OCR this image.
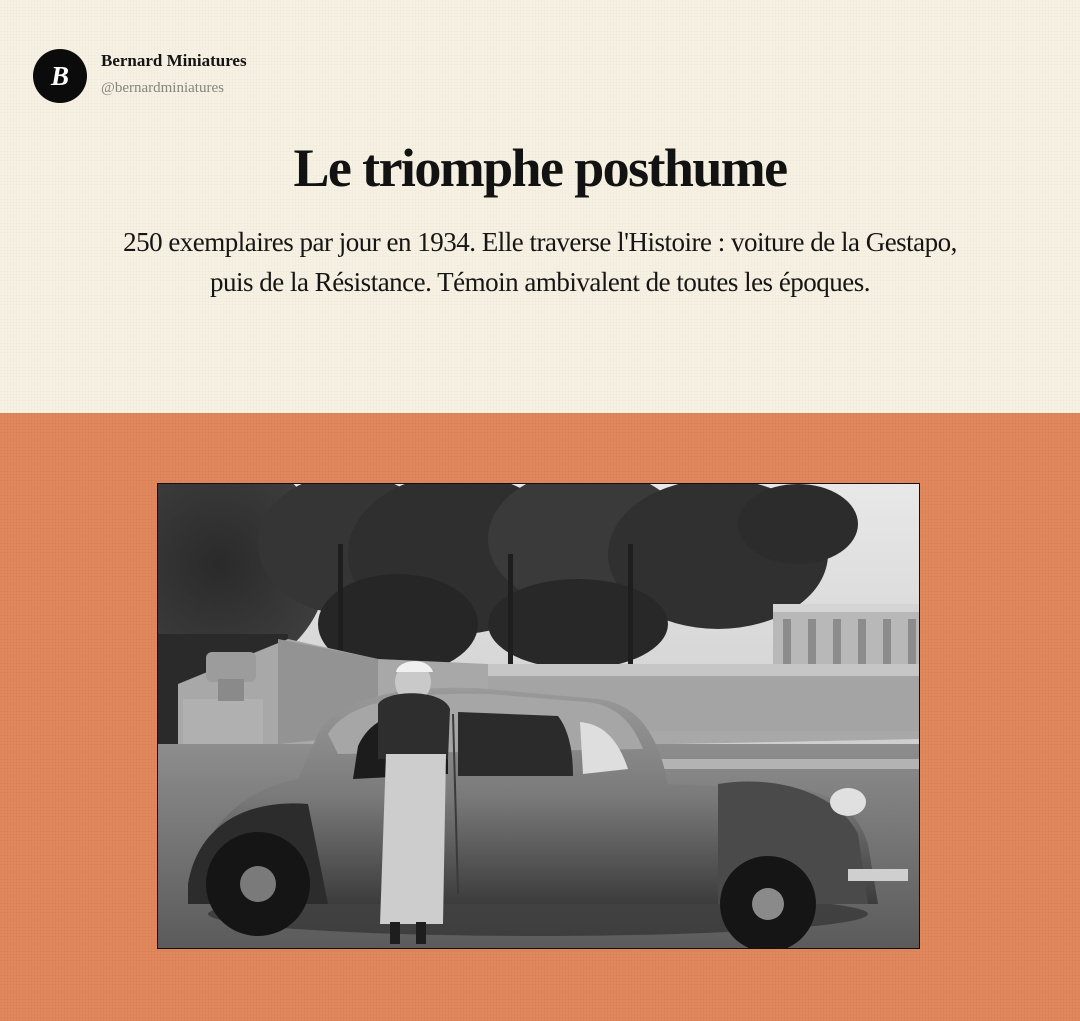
B Bernard Miniatures
@bernardminiatures
Le triomphe posthume
250 exemplaires par jour en 1934. Elle traverse l'Histoire : voiture de la Gestapo,
puis de la Résistance. Témoin ambivalent de toutes les époques.
